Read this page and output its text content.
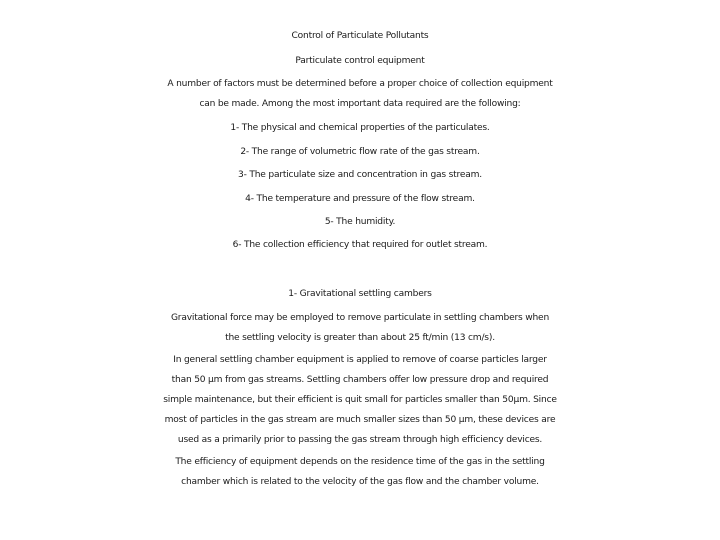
Control of Particulate Pollutants
Particulate control equipment
A number of factors must be determined before a proper choice of collection equipment
can be made. Among the most important data required are the following:
1- The physical and chemical properties of the particulates.
2- The range of volumetric flow rate of the gas stream.
3- The particulate size and concentration in gas stream.
4- The temperature and pressure of the flow stream.
5- The humidity.
6- The collection efficiency that required for outlet stream.
1- Gravitational settling cambers
Gravitational force may be employed to remove particulate in settling chambers when
the settling velocity is greater than about 25 ft/min (13 cm/s).
In general settling chamber equipment is applied to remove of coarse particles larger
than 50 µm from gas streams. Settling chambers offer low pressure drop and required
simple maintenance, but their efficient is quit small for particles smaller than 50µm. Since
most of particles in the gas stream are much smaller sizes than 50 µm, these devices are
used as a primarily prior to passing the gas stream through high efficiency devices.
The efficiency of equipment depends on the residence time of the gas in the settling
chamber which is related to the velocity of the gas flow and the chamber volume.
